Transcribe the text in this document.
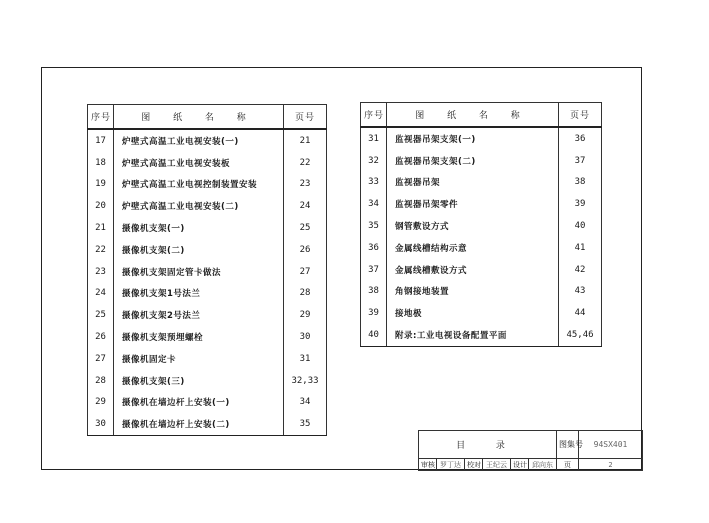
序号	图 纸 名 称	页号
17	炉壁式高温工业电视安装(一)	21
18	炉壁式高温工业电视安装板	22
19	炉壁式高温工业电视控制装置安装	23
20	炉壁式高温工业电视安装(二)	24
21	摄像机支架(一)	25
22	摄像机支架(二)	26
23	摄像机支架固定管卡做法	27
24	摄像机支架1号法兰	28
25	摄像机支架2号法兰	29
26	摄像机支架预埋螺栓	30
27	摄像机固定卡	31
28	摄像机支架(三)	32,33
29	摄像机在墙边杆上安装(一)	34
30	摄像机在墙边杆上安装(二)	35
序号	图 纸 名 称	页号
31	监视器吊架支架(一)	36
32	监视器吊架支架(二)	37
33	监视器吊架	38
34	监视器吊架零件	39
35	钢管敷设方式	40
36	金属线槽结构示意	41
37	金属线槽敷设方式	42
38	角钢接地装置	43
39	接地极	44
40	附录:工业电视设备配置平面	45,46
目 录						图集号	94SX401
审核	罗丁达	校对	王纪云	设计	邱向东	页	2
